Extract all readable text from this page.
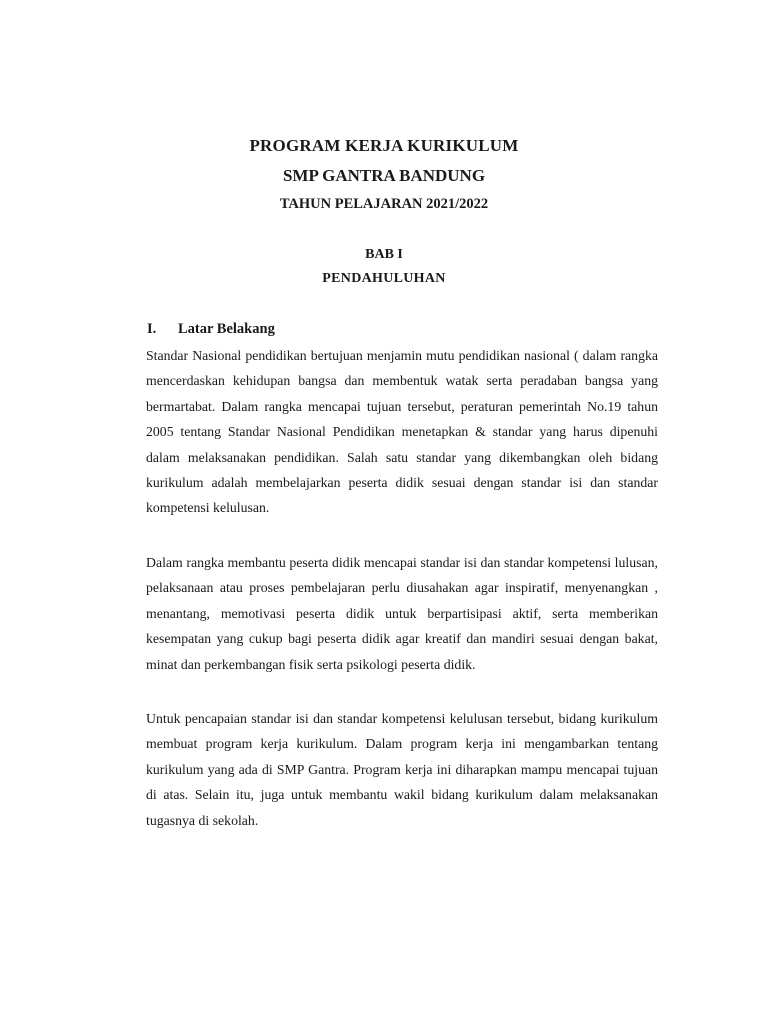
PROGRAM KERJA KURIKULUM
SMP GANTRA BANDUNG
TAHUN PELAJARAN 2021/2022
BAB I
PENDAHULUHAN
I. Latar Belakang

Standar Nasional pendidikan bertujuan menjamin mutu pendidikan nasional ( dalam rangka mencerdaskan kehidupan bangsa dan membentuk watak serta peradaban bangsa yang bermartabat. Dalam rangka mencapai tujuan tersebut, peraturan pemerintah No.19 tahun 2005 tentang Standar Nasional Pendidikan menetapkan & standar yang harus dipenuhi dalam melaksanakan pendidikan. Salah satu standar yang dikembangkan oleh bidang kurikulum adalah membelajarkan peserta didik sesuai dengan standar isi dan standar kompetensi kelulusan.

Dalam rangka membantu peserta didik mencapai standar isi dan standar kompetensi lulusan, pelaksanaan atau proses pembelajaran perlu diusahakan agar inspiratif, menyenangkan , menantang, memotivasi peserta didik untuk berpartisipasi aktif, serta memberikan kesempatan yang cukup bagi peserta didik agar kreatif dan mandiri sesuai dengan bakat, minat dan perkembangan fisik serta psikologi peserta didik.

Untuk pencapaian standar isi dan standar kompetensi kelulusan tersebut, bidang kurikulum membuat program kerja kurikulum. Dalam program kerja ini mengambarkan tentang kurikulum yang ada di SMP Gantra. Program kerja ini diharapkan mampu mencapai tujuan di atas. Selain itu, juga untuk membantu wakil bidang kurikulum dalam melaksanakan tugasnya di sekolah.
